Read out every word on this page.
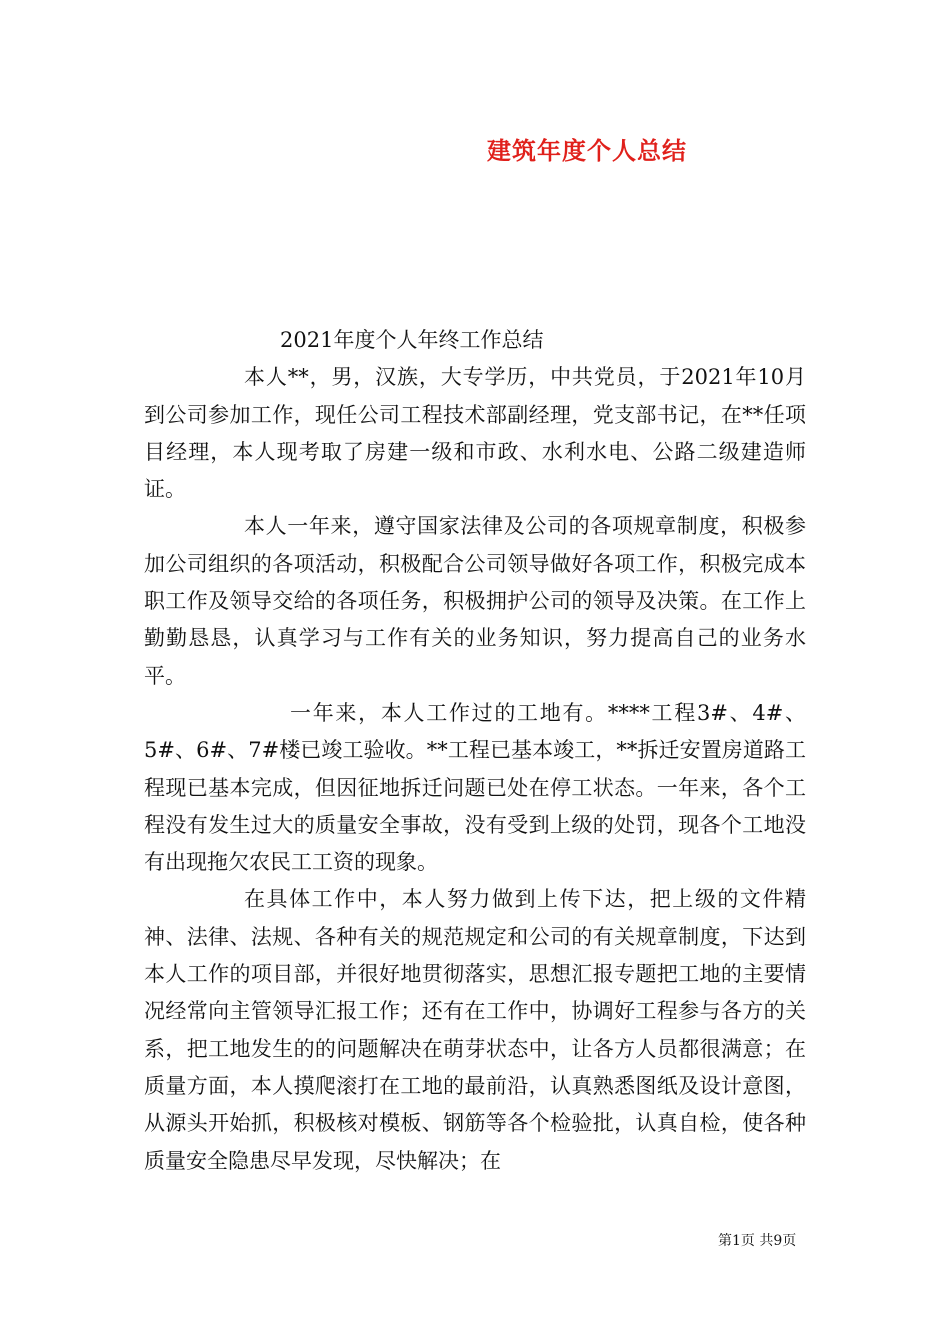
建筑年度个人总结

2021年度个人年终工作总结

本人**，男，汉族，大专学历，中共党员，于2021年10月到公司参加工作，现任公司工程技术部副经理，党支部书记，在**任项目经理，本人现考取了房建一级和市政、水利水电、公路二级建造师证。

本人一年来，遵守国家法律及公司的各项规章制度，积极参加公司组织的各项活动，积极配合公司领导做好各项工作，积极完成本职工作及领导交给的各项任务，积极拥护公司的领导及决策。在工作上勤勤恳恳，认真学习与工作有关的业务知识，努力提高自己的业务水平。

一年来，本人工作过的工地有。****工程3#、4#、5#、6#、7#楼已竣工验收。**工程已基本竣工，**拆迁安置房道路工程现已基本完成，但因征地拆迁问题已处在停工状态。一年来，各个工程没有发生过大的质量安全事故，没有受到上级的处罚，现各个工地没有出现拖欠农民工工资的现象。

在具体工作中，本人努力做到上传下达，把上级的文件精神、法律、法规、各种有关的规范规定和公司的有关规章制度，下达到本人工作的项目部，并很好地贯彻落实，思想汇报专题把工地的主要情况经常向主管领导汇报工作；还有在工作中，协调好工程参与各方的关系，把工地发生的的问题解决在萌芽状态中，让各方人员都很满意；在质量方面，本人摸爬滚打在工地的最前沿，认真熟悉图纸及设计意图，从源头开始抓，积极核对模板、钢筋等各个检验批，认真自检，使各种质量安全隐患尽早发现，尽快解决；在

第1页 共9页
